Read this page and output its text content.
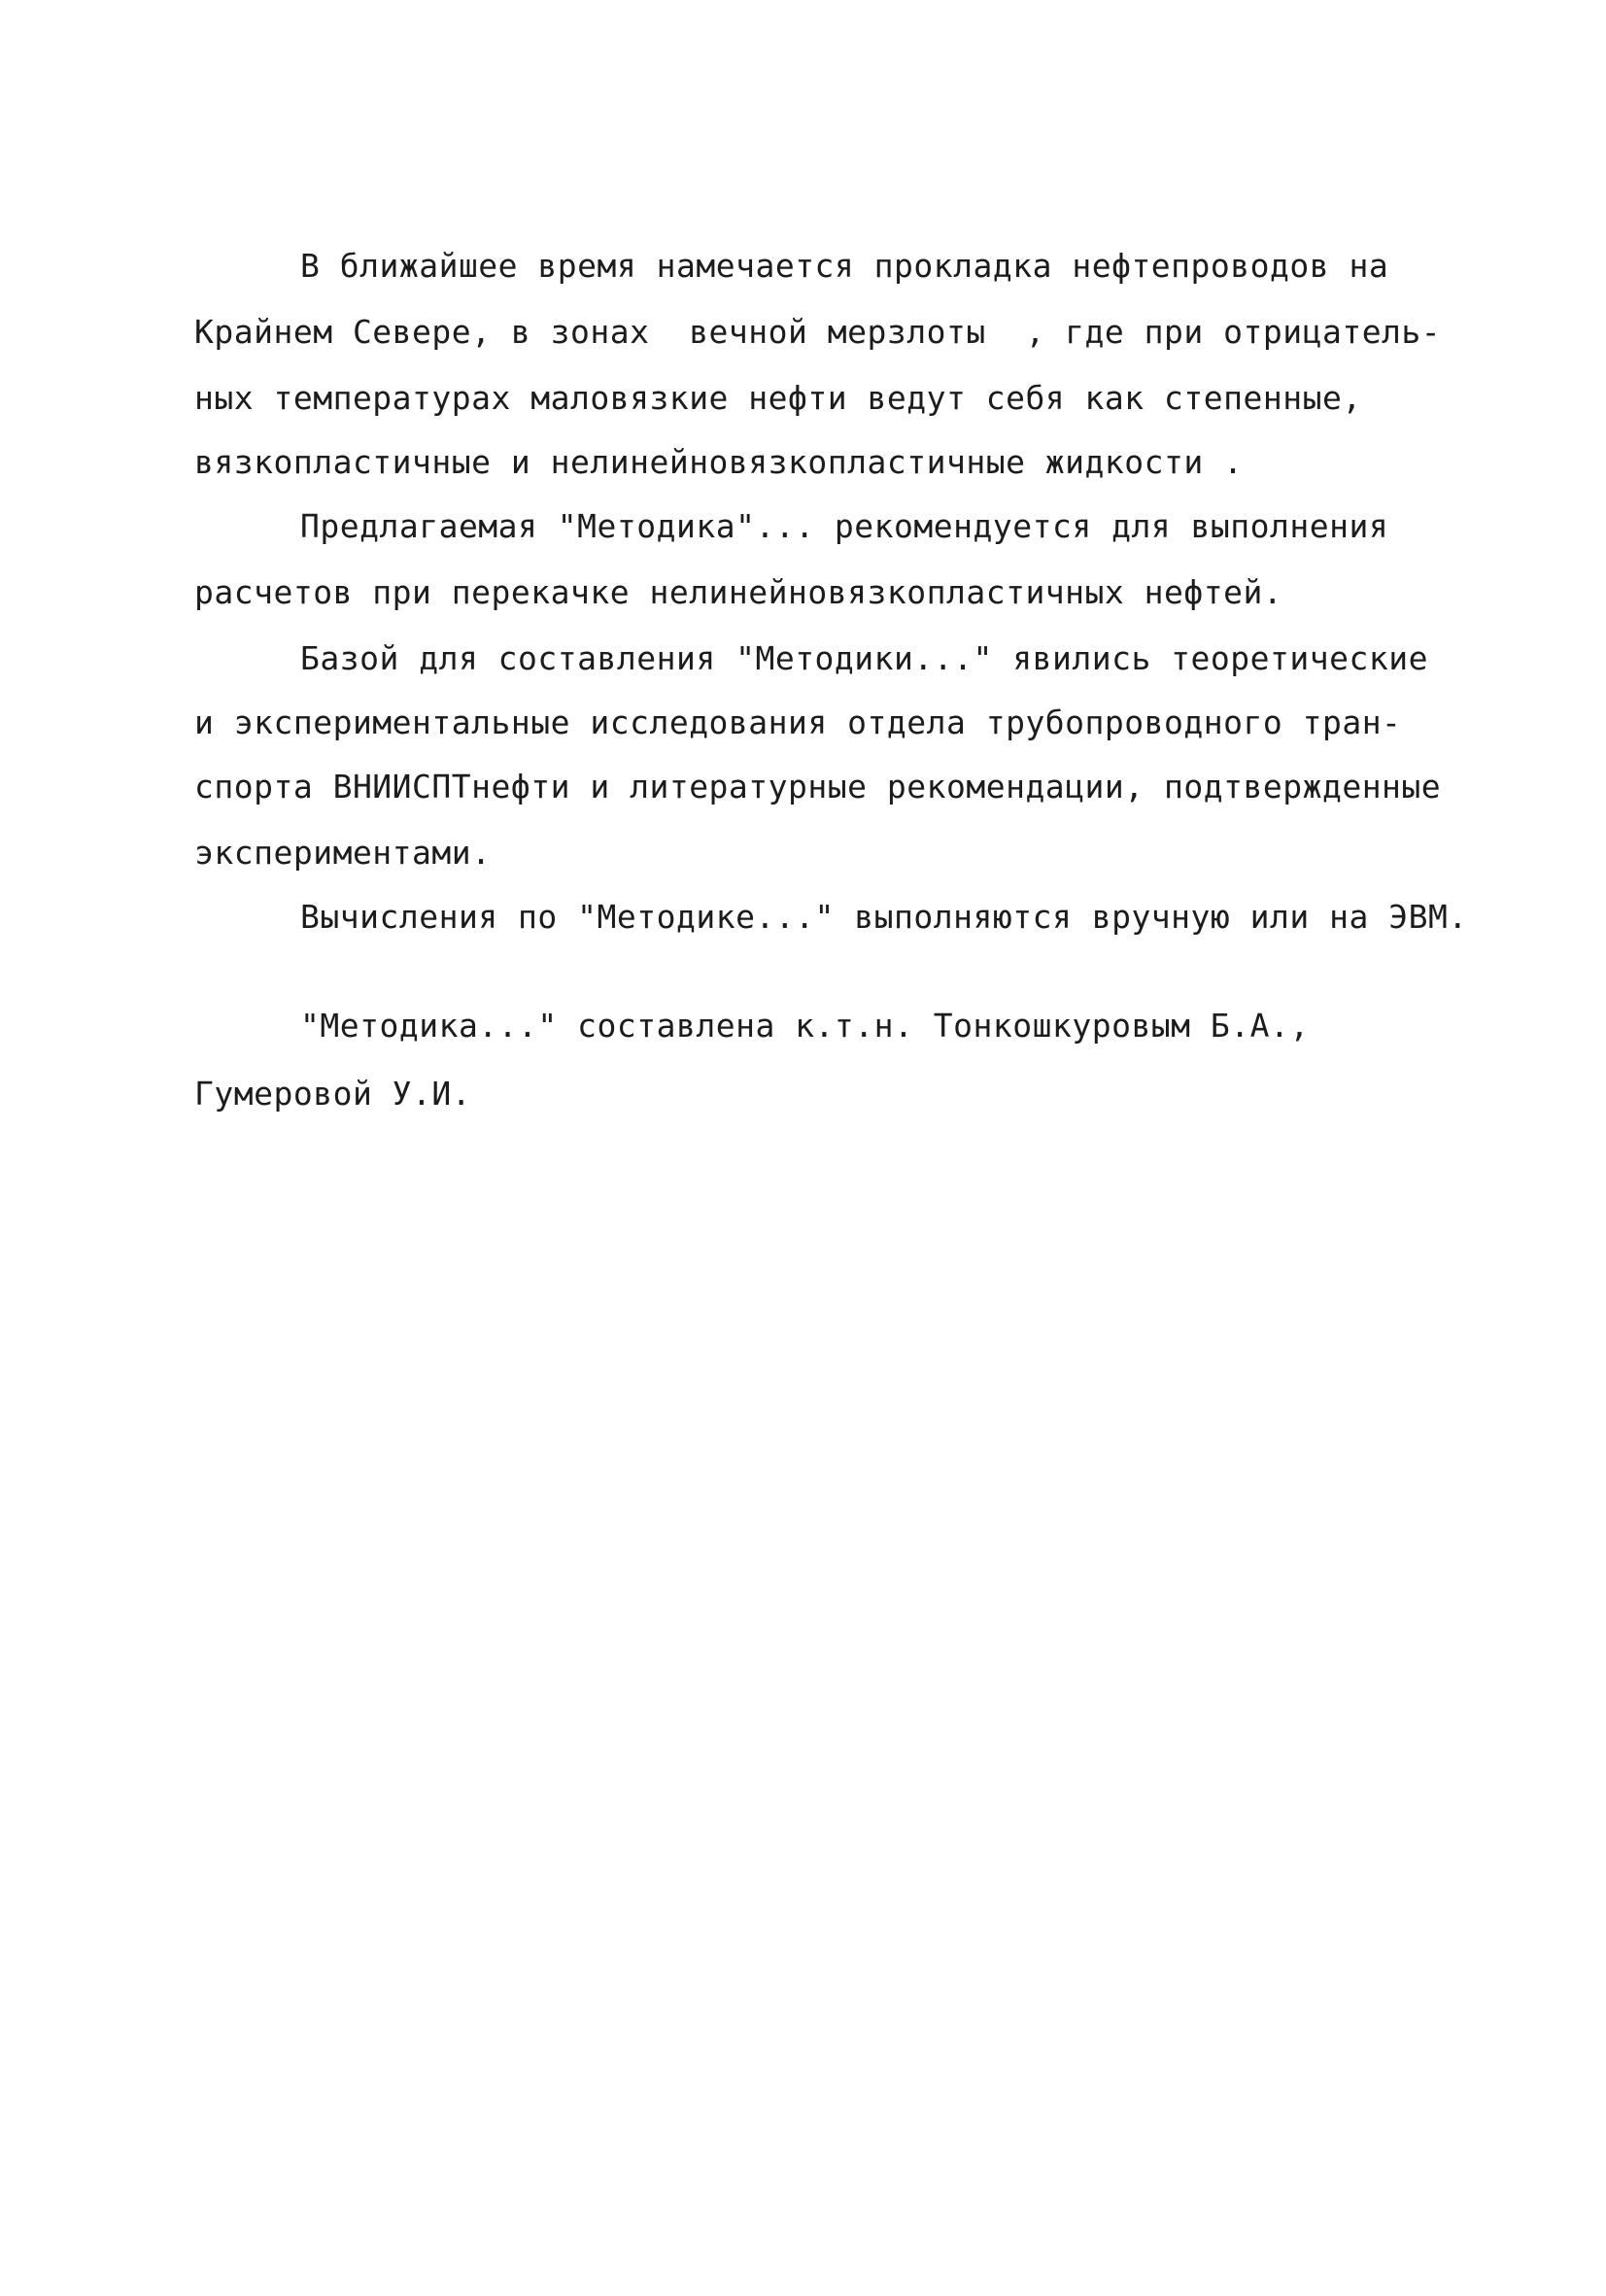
В ближайшее время намечается прокладка нефтепроводов на
Крайнем Севере, в зонах  вечной мерзлоты  , где при отрицатель-
ных температурах маловязкие нефти ведут себя как степенные,
вязкопластичные и нелинейновязкопластичные жидкости .
Предлагаемая "Методика"... рекомендуется для выполнения
расчетов при перекачке нелинейновязкопластичных нефтей.
Базой для составления "Методики..." явились теоретические
и экспериментальные исследования отдела трубопроводного тран-
спорта ВНИИСПТнефти и литературные рекомендации, подтвержденные
экспериментами.
Вычисления по "Методике..." выполняются вручную или на ЭВМ.
"Методика..." составлена к.т.н. Тонкошкуровым Б.А.,
Гумеровой У.И.
